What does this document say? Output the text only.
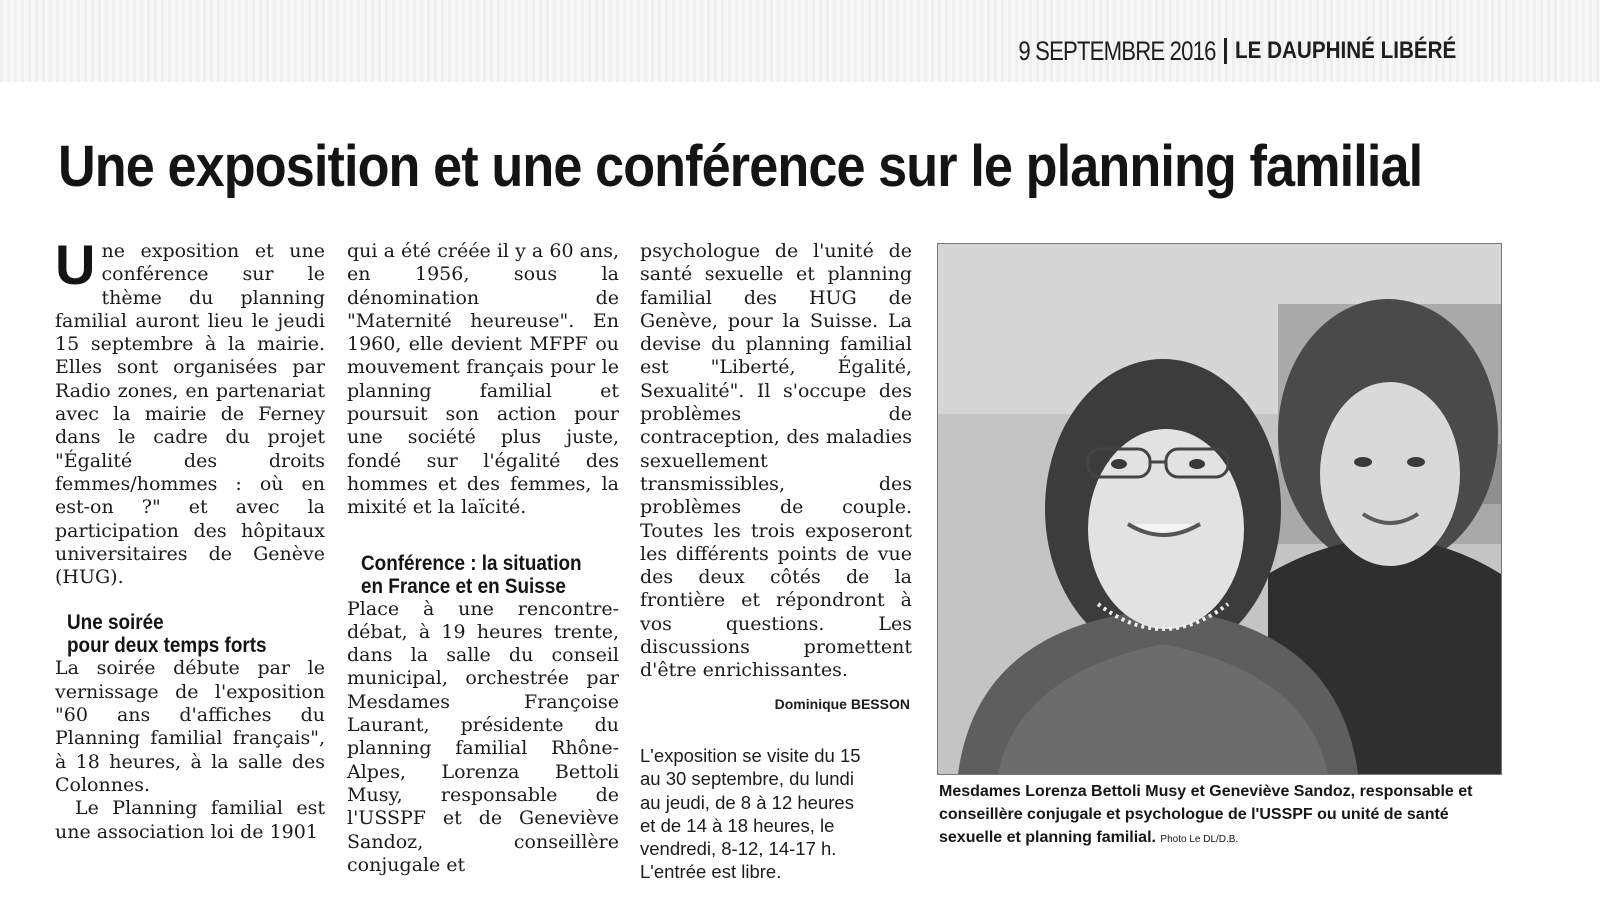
9 SEPTEMBRE 2016 LE DAUPHINÉ LIBÉRÉ
Une exposition et une conférence sur le planning familial

Une exposition et une conférence sur le thème du planning familial auront lieu le jeudi 15 septembre à la mairie. Elles sont organisées par Radio zones, en partenariat avec la mairie de Ferney dans le cadre du projet "Égalité des droits femmes/hommes : où en est-on ?" et avec la participation des hôpitaux universitaires de Genève (HUG).

Une soirée
pour deux temps forts

La soirée débute par le vernissage de l'exposition "60 ans d'affiches du Planning familial français", à 18 heures, à la salle des Colonnes.

Le Planning familial est une association loi de 1901

qui a été créée il y a 60 ans, en 1956, sous la dénomination de "Maternité heureuse". En 1960, elle devient MFPF ou mouvement français pour le planning familial et poursuit son action pour une société plus juste, fondé sur l'égalité des hommes et des femmes, la mixité et la laïcité.

Conférence : la situation
en France et en Suisse

Place à une rencontre-débat, à 19 heures trente, dans la salle du conseil municipal, orchestrée par Mesdames Françoise Laurant, présidente du planning familial Rhône-Alpes, Lorenza Bettoli Musy, responsable de l'USSPF et de Geneviève Sandoz, conseillère conjugale et

psychologue de l'unité de santé sexuelle et planning familial des HUG de Genève, pour la Suisse. La devise du planning familial est "Liberté, Égalité, Sexualité". Il s'occupe des problèmes de contraception, des maladies sexuellement transmissibles, des problèmes de couple. Toutes les trois exposeront les différents points de vue des deux côtés de la frontière et répondront à vos questions. Les discussions promettent d'être enrichissantes.

Dominique BESSON
L'exposition se visite du 15
au 30 septembre, du lundi
au jeudi, de 8 à 12 heures
et de 14 à 18 heures, le
vendredi, 8-12, 14-17 h.
L'entrée est libre.

Mesdames Lorenza Bettoli Musy et Geneviève Sandoz, responsable et conseillère conjugale et psychologue de l'USSPF ou unité de santé sexuelle et planning familial. Photo Le DL/D.B.
